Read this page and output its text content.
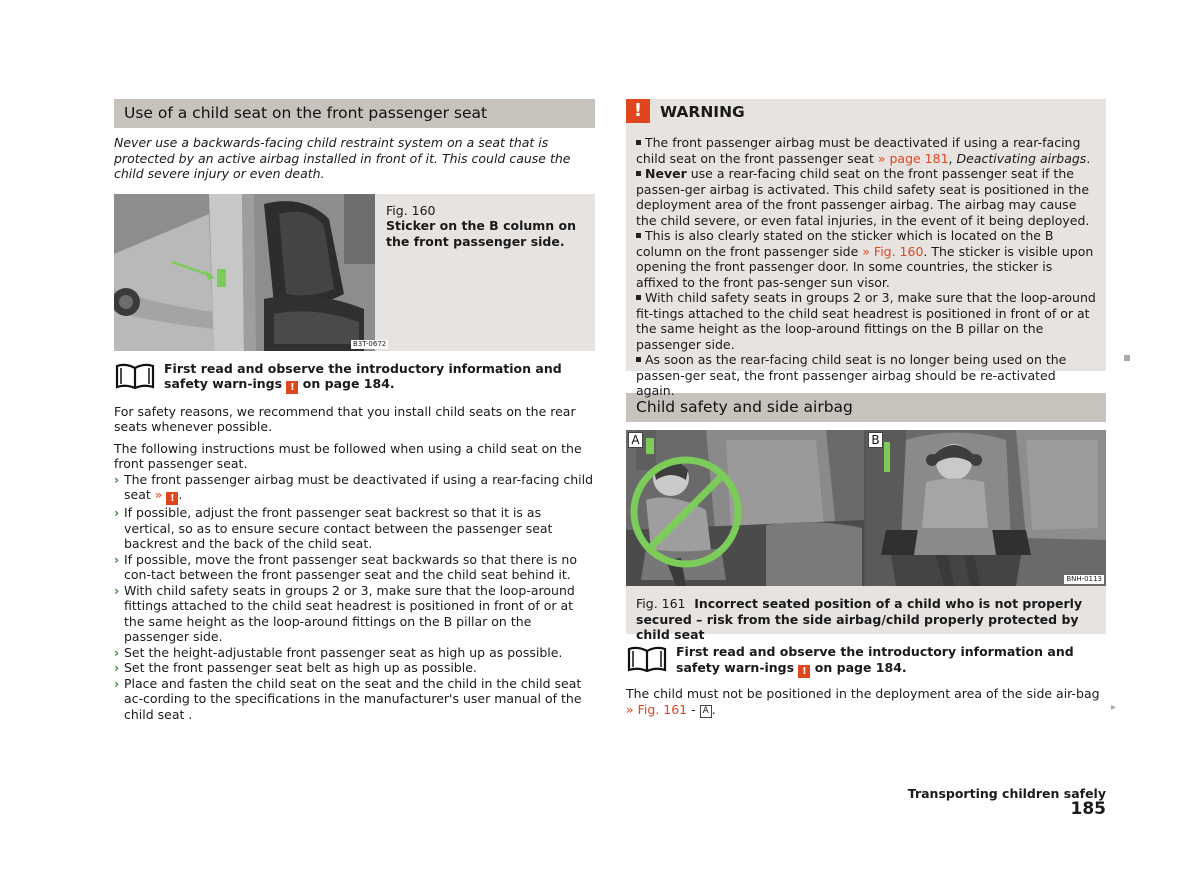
Use of a child seat on the front passenger seat

Never use a backwards-facing child restraint system on a seat that is protected by an active airbag installed in front of it. This could cause the child severe injury or even death.

Fig. 160
Sticker on the B column on the front passenger side.
B3T-0672
First read and observe the introductory information and safety warn-ings ! on page 184.

For safety reasons, we recommend that you install child seats on the rear seats whenever possible.

The following instructions must be followed when using a child seat on the front passenger seat.

› The front passenger airbag must be deactivated if using a rear-facing child seat » ! .
› If possible, adjust the front passenger seat backrest so that it is as vertical, so as to ensure secure contact between the passenger seat backrest and the back of the child seat.
› If possible, move the front passenger seat backwards so that there is no con-tact between the front passenger seat and the child seat behind it.
› With child safety seats in groups 2 or 3, make sure that the loop-around fittings attached to the child seat headrest is positioned in front of or at the same height as the loop-around fittings on the B pillar on the passenger side.
› Set the height-adjustable front passenger seat as high up as possible.
› Set the front passenger seat belt as high up as possible.
› Place and fasten the child seat on the seat and the child in the child seat ac-cording to the specifications in the manufacturer's user manual of the child seat .
!	WARNING
The front passenger airbag must be deactivated if using a rear-facing child seat on the front passenger seat » page 181, Deactivating airbags.
Never use a rear-facing child seat on the front passenger seat if the passen-ger airbag is activated. This child safety seat is positioned in the deployment area of the front passenger airbag. The airbag may cause the child severe, or even fatal injuries, in the event of it being deployed.
This is also clearly stated on the sticker which is located on the B column on the front passenger side » Fig. 160. The sticker is visible upon opening the front passenger door. In some countries, the sticker is affixed to the front pas-senger sun visor.
With child safety seats in groups 2 or 3, make sure that the loop-around fit-tings attached to the child seat headrest is positioned in front of or at the same height as the loop-around fittings on the B pillar on the passenger side.
As soon as the rear-facing child seat is no longer being used on the passen-ger seat, the front passenger airbag should be re-activated again.
Child safety and side airbag
A	B
BNH-0113
Fig. 161 Incorrect seated position of a child who is not properly secured – risk from the side airbag/child properly protected by child seat
First read and observe the introductory information and safety warn-ings ! on page 184.

The child must not be positioned in the deployment area of the side air-bag » Fig. 161 - A .	▸
Transporting children safely 185
